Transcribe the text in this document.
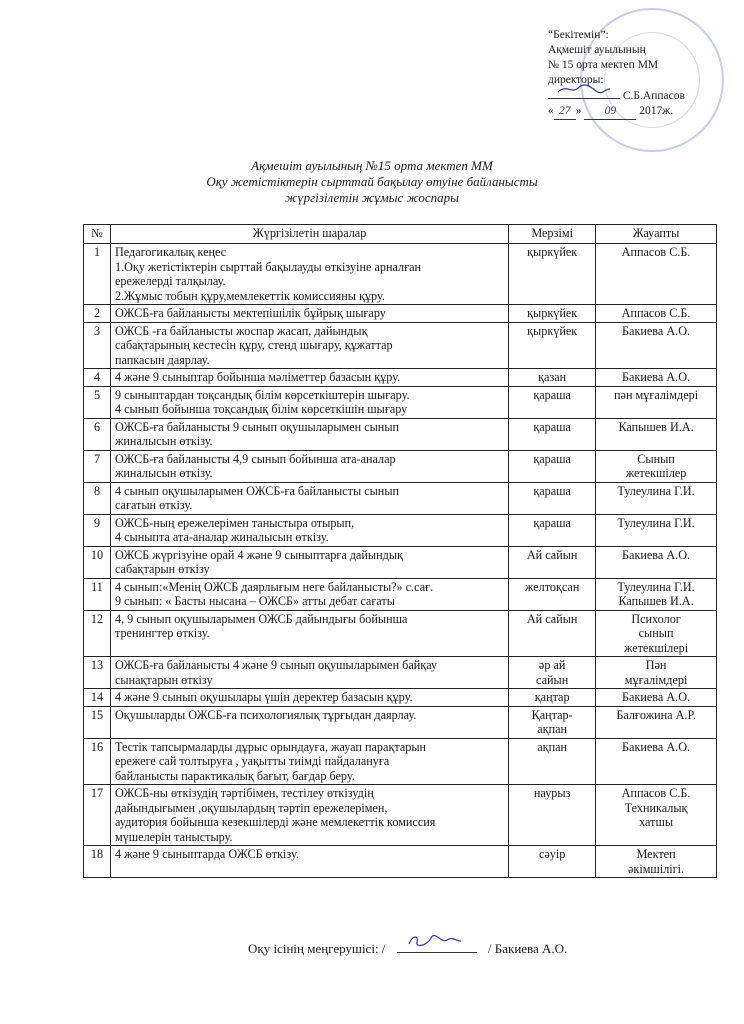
“Бекітемін”:
Ақмешіт ауылының
№ 15 орта мектеп ММ
директоры:
С.Б.Аппасов
« 27 » 09 2017ж.
Ақмешіт ауылының №15 орта мектеп ММ
Оқу жетістіктерін сырттай бақылау өтуіне байланысты
жүргізілетін жұмыс жоспары
№	Жүргізілетін шаралар	Мерзімі	Жауапты
1	Педагогикалық кеңес
1.Оқу жетістіктерін сырттай бақылауды өткізуіне арналған
ережелерді талқылау.
2.Жұмыс тобын құру,мемлекеттік комиссияны құру.	қыркүйек	Аппасов С.Б.

2	ОЖСБ-ға байланысты мектепішілік бұйрық шығару	қыркүйек	Аппасов С.Б.

3	ОЖСБ -ға байланысты жоспар жасап, дайындық
сабақтарының кестесін құру, стенд шығару, құжаттар
папкасын даярлау.	қыркүйек	Бакиева А.О.

4	4 және 9 сыныптар бойынша мәліметтер базасын құру.	қазан	Бакиева А.О.

5	9 сыныптардан тоқсандық білім көрсеткіштерін шығару.
4 сынып бойынша тоқсандық білім көрсеткішін шығару	қараша	пән мұғалімдері

6	ОЖСБ-ға байланысты 9 сынып оқушыларымен сынып
жиналысын өткізу.	қараша	Капышев И.А.

7	ОЖСБ-ға байланысты 4,9 сынып бойынша ата-аналар
жиналысын өткізу.	қараша	Сынып
жетекшілер

8	4 сынып оқушыларымен ОЖСБ-ға байланысты сынып
сағатын өткізу.	қараша	Тулеулина Г.И.

9	ОЖСБ-ның ережелерімен таныстыра отырып,
4 сыныпта ата-аналар жиналысын өткізу.	қараша	Тулеулина Г.И.

10	ОЖСБ жүргізуіне орай 4 және 9 сыныптарға дайындық
сабақтарын өткізу	Ай сайын	Бакиева А.О.

11	4 сынып:«Менің ОЖСБ даярлығым неге байланысты?» с.сағ.
9 сынып: « Басты нысана – ОЖСБ» атты дебат сағаты	желтоқсан	Тулеулина Г.И.
Капышев И.А.

12	4, 9 сынып оқушыларымен ОЖСБ дайындығы бойынша
тренингтер өткізу.	Ай сайын	Психолог
сынып
жетекшілері

13	ОЖСБ-ға байланысты 4 және 9 сынып оқушыларымен байқау
сынақтарын өткізу	әр ай
сайын	Пән
мұғалімдері

14	4 және 9 сынып оқушылары үшін деректер базасын құру.	қаңтар	Бакиева А.О.

15	Оқушыларды ОЖСБ-ға психологиялық тұрғыдан даярлау.	Қаңтар-
ақпан	Балғожина А.Р.

16	Тестік тапсырмаларды дұрыс орындауға, жауап парақтарын
ережеге сай толтыруға , уақытты тиімді пайдалануға
байланысты парактикалық бағыт, бағдар беру.	ақпан	Бакиева А.О.

17	ОЖСБ-ны өткізудің тәртібімен, тестілеу өткізудің
дайындығымен ,оқушылардың тәртіп ережелерімен,
аудитория бойынша кезекшілерді және мемлекеттік комиссия
мүшелерін таныстыру.	наурыз	Аппасов С.Б.
Техникалық
хатшы

18	4 және 9 сыныптарда ОЖСБ өткізу.	сәуір	Мектеп
әкімшілігі.
Оқу ісінің меңгерушісі: /	/ Бакиева А.О.
